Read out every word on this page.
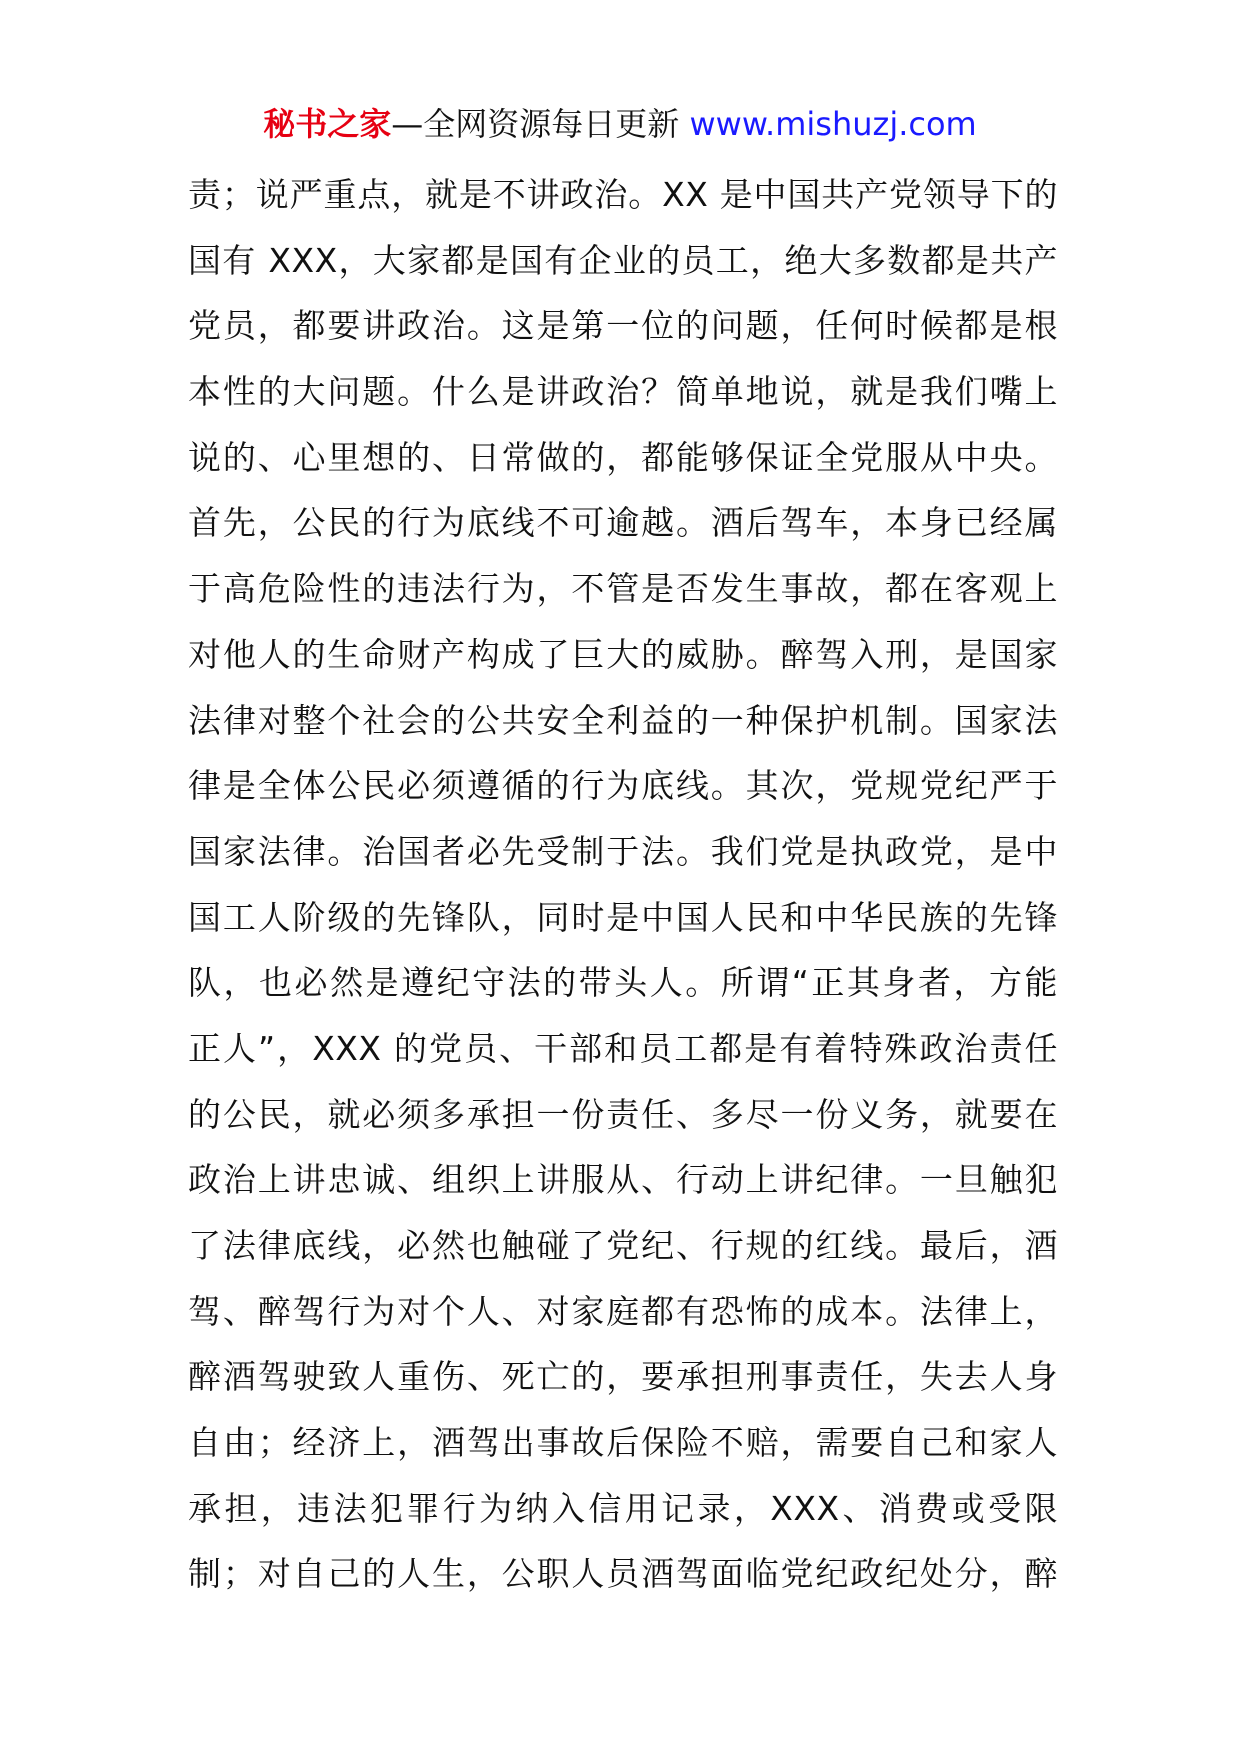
秘书之家—全网资源每日更新 www.mishuzj.com
责；说严重点，就是不讲政治。XX 是中国共产党领导下的
国有 XXX，大家都是国有企业的员工，绝大多数都是共产
党员，都要讲政治。这是第一位的问题，任何时候都是根
本性的大问题。什么是讲政治？简单地说，就是我们嘴上
说的、心里想的、日常做的，都能够保证全党服从中央。
首先，公民的行为底线不可逾越。酒后驾车，本身已经属
于高危险性的违法行为，不管是否发生事故，都在客观上
对他人的生命财产构成了巨大的威胁。醉驾入刑，是国家
法律对整个社会的公共安全利益的一种保护机制。国家法
律是全体公民必须遵循的行为底线。其次，党规党纪严于
国家法律。治国者必先受制于法。我们党是执政党，是中
国工人阶级的先锋队，同时是中国人民和中华民族的先锋
队，也必然是遵纪守法的带头人。所谓“正其身者，方能
正人”，XXX 的党员、干部和员工都是有着特殊政治责任
的公民，就必须多承担一份责任、多尽一份义务，就要在
政治上讲忠诚、组织上讲服从、行动上讲纪律。一旦触犯
了法律底线，必然也触碰了党纪、行规的红线。最后，酒
驾、醉驾行为对个人、对家庭都有恐怖的成本。法律上，
醉酒驾驶致人重伤、死亡的，要承担刑事责任，失去人身
自由；经济上，酒驾出事故后保险不赔，需要自己和家人
承担，违法犯罪行为纳入信用记录，XXX、消费或受限
制；对自己的人生，公职人员酒驾面临党纪政纪处分，醉
